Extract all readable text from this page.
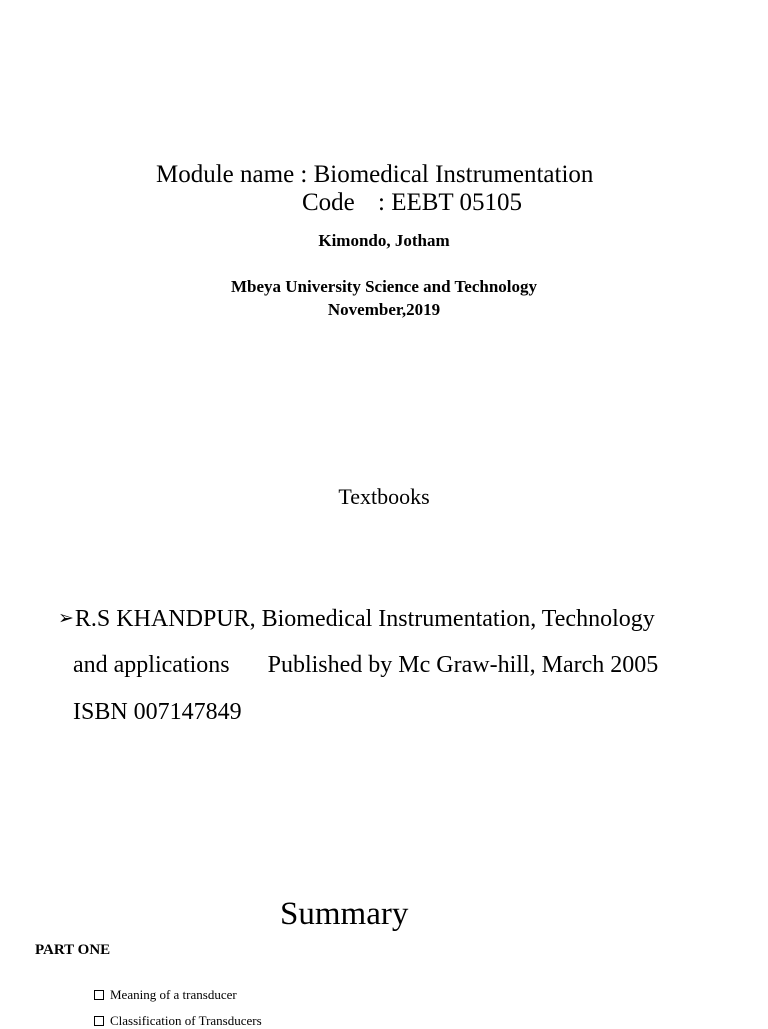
Module name : Biomedical Instrumentation
Code : EEBT 05105
Kimondo, Jotham
Mbeya University Science and Technology
November,2019
Textbooks
➢R.S KHANDPUR, Biomedical Instrumentation, Technology
and applications Published by Mc Graw-hill, March 2005
ISBN 007147849
Summary
PART ONE
Meaning of a transducer
Classification of Transducers
